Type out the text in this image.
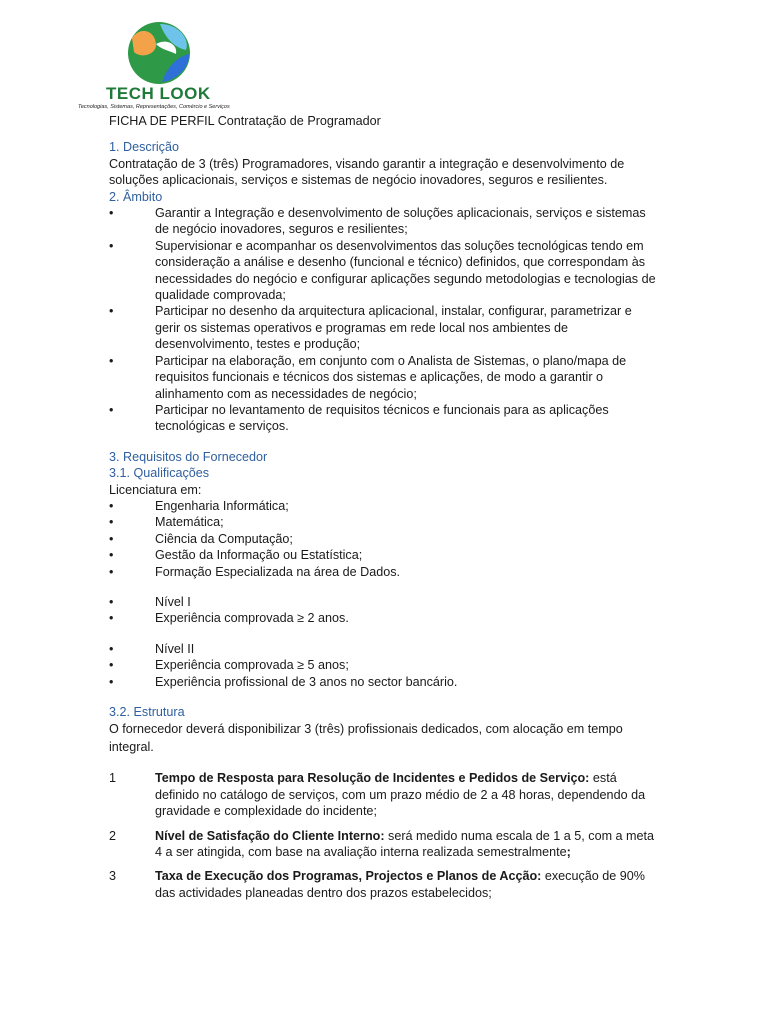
TECH LOOK
Tecnologias, Sistemas, Representações, Comércio e Serviços

FICHA DE PERFIL Contratação de Programador

1. Descrição

Contratação de 3 (três) Programadores, visando garantir a integração e desenvolvimento de soluções aplicacionais, serviços e sistemas de negócio inovadores, seguros e resilientes.

2. Âmbito

•	Garantir a Integração e desenvolvimento de soluções aplicacionais, serviços e sistemas de negócio inovadores, seguros e resilientes;
•	Supervisionar e acompanhar os desenvolvimentos das soluções tecnológicas tendo em consideração a análise e desenho (funcional e técnico) definidos, que correspondam às necessidades do negócio e configurar aplicações segundo metodologias e tecnologias de qualidade comprovada;
•	Participar no desenho da arquitectura aplicacional, instalar, configurar, parametrizar e gerir os sistemas operativos e programas em rede local nos ambientes de desenvolvimento, testes e produção;
•	Participar na elaboração, em conjunto com o Analista de Sistemas, o plano/mapa de requisitos funcionais e técnicos dos sistemas e aplicações, de modo a garantir o alinhamento com as necessidades de negócio;
•	Participar no levantamento de requisitos técnicos e funcionais para as aplicações tecnológicas e serviços.

3. Requisitos do Fornecedor

3.1. Qualificações

Licenciatura em:

•	Engenharia Informática;
•	Matemática;
•	Ciência da Computação;
•	Gestão da Informação ou Estatística;
•	Formação Especializada na área de Dados.
•	Nível I
•	Experiência comprovada ≥ 2 anos.
•	Nível II
•	Experiência comprovada ≥ 5 anos;
•	Experiência profissional de 3 anos no sector bancário.

3.2. Estrutura

O fornecedor deverá disponibilizar 3 (três) profissionais dedicados, com alocação em tempo integral.

1	Tempo de Resposta para Resolução de Incidentes e Pedidos de Serviço: está definido no catálogo de serviços, com um prazo médio de 2 a 48 horas, dependendo da gravidade e complexidade do incidente;
2	Nível de Satisfação do Cliente Interno: será medido numa escala de 1 a 5, com a meta 4 a ser atingida, com base na avaliação interna realizada semestralmente;
3	Taxa de Execução dos Programas, Projectos e Planos de Acção: execução de 90% das actividades planeadas dentro dos prazos estabelecidos;
